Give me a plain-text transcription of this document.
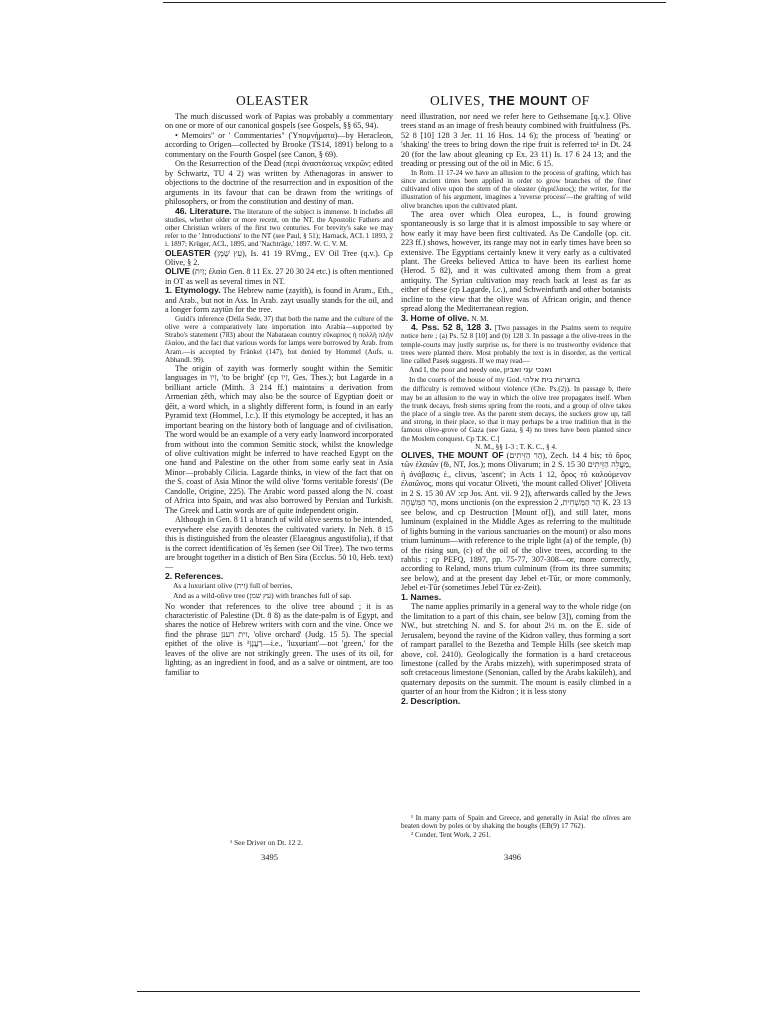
OLEASTER	OLIVES, THE MOUNT OF

The much discussed work of Papias was probably a commentary on one or more of our canonical gospels (see Gospels, §§ 65, 94).

• Memoirs" or ' Commentaries" (Ὑπομνήματα)—by Heracleon, according to Origen—collected by Brooke (TS14, 1891) belong to a commentary on the Fourth Gospel (see Canon, § 69).

On the Resurrection of the Dead (περὶ ἀναστάσεως νεκρῶν; edited by Schwartz, TU 4 2) was written by Athenagoras in answer to objections to the doctrine of the resurrection and in exposition of the arguments in its favour that can be drawn from the writings of philosophers, or from the constitution and destiny of man.

46. Literature. The literature of the subject is immense. It includes all studies, whether older or more recent, on the NT, the Apostolic Fathers and other Christian writers of the first two centuries. For brevity's sake we may refer to the ' Introductions' to the NT (see Paul, § 51); Harnack, ACL 1 1893, 2 i. 1897; Krüger, ACL, 1895, and 'Nachträge,' 1897. W. C. V. M.

OLEASTER (עֵץ שֶׁמֶן), Is. 41 19 RVmg., EV Oil Tree (q.v.). Cp Olive, § 2.

OLIVE (זַיִת; ἐλαία Gen. 8 11 Ex. 27 20 30 24 etc.) is often mentioned in OT as well as several times in NT.

1. Etymology. The Hebrew name (zayith), is found in Aram., Eth., and Arab., but not in Ass. In Arab. zayt usually stands for the oil, and a longer form zaytūn for the tree.

Guidi's inference (Della Sede, 37) that both the name and the culture of the olive were a comparatively late importation into Arabia—supported by Strabo's statement (783) about the Nabataean country εὔκαρπος ἡ πολλὴ πλὴν ἐλαίου, and the fact that various words for lamps were borrowed by Arab. from Aram.—is accepted by Fränkel (147), but denied by Hommel (Aufs. u. Abhandl. 99).

The origin of zayith was formerly sought within the Semitic languages in זִיו, 'to be bright' (cp זִיו, Ges. Thes.); but Lagarde in a brilliant article (Mitth. 3 214 ff.) maintains a derivation from Armenian ẓēth, which may also be the source of Egyptian ḏoeit or ḏēit, a word which, in a slightly different form, is found in an early Pyramid text (Hommel, l.c.). If this etymology be accepted, it has an important bearing on the history both of language and of civilisation. The word would be an example of a very early loanword incorporated from without into the common Semitic stock, whilst the knowledge of olive cultivation might be inferred to have reached Egypt on the one hand and Palestine on the other from some early seat in Asia Minor—probably Cilicia. Lagarde thinks, in view of the fact that on the S. coast of Asia Minor the wild olive 'forms veritable forests' (De Candolle, Origine, 225). The Arabic word passed along the N. coast of Africa into Spain, and was also borrowed by Persian and Turkish. The Greek and Latin words are of quite independent origin.

Although in Gen. 8 11 a branch of wild olive seems to be intended, everywhere else zayith denotes the cultivated variety. In Neh. 8 15 this is distinguished from the oleaster (Elaeagnus angustifolia), if that is the correct identification of 'ēṣ šemen (see Oil Tree). The two terms are brought together in a distich of Ben Sira (Ecclus. 50 10, Heb. text)—

2. References.

As a luxuriant olive (זית) full of berries,

And as a wild-olive tree (עץ שמן) with branches full of sap.

No wonder that references to the olive tree abound ; it is as characteristic of Palestine (Dt. 8 8) as the date-palm is of Egypt, and shares the notice of Hebrew writers with corn and the vine. Once we find the phrase זית רענן, 'olive orchard' (Judg. 15 5). The special epithet of the olive is רַעֲנָן¹—i.e., 'luxuriant'—not 'green,' for the leaves of the olive are not strikingly green. The uses of its oil, for lighting, as an ingredient in food, and as a salve or ointment, are too familiar to

¹ See Driver on Dt. 12 2.
3495

need illustration, nor need we refer here to Gethsemane [q.v.]. Olive trees stand as an image of fresh beauty combined with fruitfulness (Ps. 52 8 [10] 128 3 Jer. 11 16 Hos. 14 6); the process of 'beating' or 'shaking' the trees to bring down the ripe fruit is referred to¹ in Dt. 24 20 (for the law about gleaning cp Ex. 23 11) Is. 17 6 24 13; and the treading or pressing out of the oil in Mic. 6 15.

In Rom. 11 17-24 we have an allusion to the process of grafting, which has since ancient times been applied in order to grow branches of the finer cultivated olive upon the stem of the oleaster (ἀγριέλαιος); the writer, for the illustration of his argument, imagines a 'reverse process'—the grafting of wild olive branches upon the cultivated plant.

The area over which Olea europea, L., is found growing spontaneously is so large that it is almost impossible to say where or how early it may have been first cultivated. As De Candolle (op. cit. 223 ff.) shows, however, its range may not in early times have been so extensive. The Egyptians certainly knew it very early as a cultivated plant. The Greeks believed Attica to have been its earliest home (Herod. 5 82), and it was cultivated among them from a great antiquity. The Syrian cultivation may reach back at least as far as either of these (cp Lagarde, l.c.), and Schweinfurth and other botanists incline to the view that the olive was of African origin, and thence spread along the Mediterranean region.

3. Home of olive. N. M.

4. Pss. 52 8, 128 3. [Two passages in the Psalms seem to require notice here ; (a) Ps. 52 8 [10] and (b) 128 3. In passage a the olive-trees in the temple-courts may justly surprise us, for there is no trustworthy evidence that trees were planted there. Most probably the text is in disorder, as the vertical line called Paseḳ suggests. If we may read—

And I, the poor and needy one, ואנכי עני ואביון

In the courts of the house of my God. בחצרות בית אלהי

the difficulty is removed without violence (Che. Ps.(2)). In passage b, there may be an allusion to the way in which the olive tree propagates itself. When the trunk decays, fresh stems spring from the roots, and a group of olive takes the place of a single tree. As the parent stem decays, the suckers grow up, tall and strong, in their place, so that it may perhaps be a true tradition that in the famous olive-grove of Gaza (see Gaza, § 4) no trees have been planted since the Moslem conquest. Cp T.K. C.]

N. M., §§ 1-3 ; T. K. C., § 4.

OLIVES, THE MOUNT OF (הַר הַזֵּיתִים), Zech. 14 4 bis; τὸ ὄρος τῶν ἐλαιῶν (𝔊, NT, Jos.); mons Olivarum; in 2 S. 15 30 מַעֲלֵה הַזֵּיתִים, ἡ ἀνάβασις ἐ., clivus, 'ascent'; in Acts 1 12, ὄρος τὸ καλούμενον ἐλαιῶνος, mons qui vocatur Oliveti, 'the mount called Olivet' [Oliveta in 2 S. 15 30 AV :cp Jos. Ant. vii. 9 2]), afterwards called by the Jews הַר הַמִּשְׁחָה, mons unctionis (on the expression הַר הַמַּשְׁחִית, 2 K. 23 13 see below, and cp Destruction [Mount of]), and still later, mons luminum (explained in the Middle Ages as referring to the multitude of lights burning in the various sanctuaries on the mount) or also mons trium luminum—with reference to the triple light (a) of the temple, (b) of the rising sun, (c) of the oil of the olive trees, according to the rabbis ; cp PEFQ, 1897, pp. 75-77, 307-308—or, more correctly, according to Reland, mons trium culminum (from its three summits; see below), and at the present day Jebel et-Tūr, or more commonly, Jebel et-Tūr (sometimes Jebel Tūr ez-Zeit).

1. Names.

The name applies primarily in a general way to the whole ridge (on the limitation to a part of this chain, see below [3]), coming from the NW., but stretching N. and S. for about 2½ m. on the E. side of Jerusalem, beyond the ravine of the Kidron valley, thus forming a sort of rampart parallel to the Bezetha and Temple Hills (see sketch map above, col. 2410). Geologically the formation is a hard cretaceous limestone (called by the Arabs mizzeh), with superimposed strata of soft cretaceous limestone (Senonian, called by the Arabs kakūleh), and quaternary deposits on the summit. The mount is easily climbed in a quarter of an hour from the Kidron ; it is less stony

2. Description.

¹ In many parts of Spain and Greece, and generally in Asia! the olives are beaten down by poles or by shaking the boughs (EB(9) 17 762).

² Conder, Tent Work, 2 261.

3496
